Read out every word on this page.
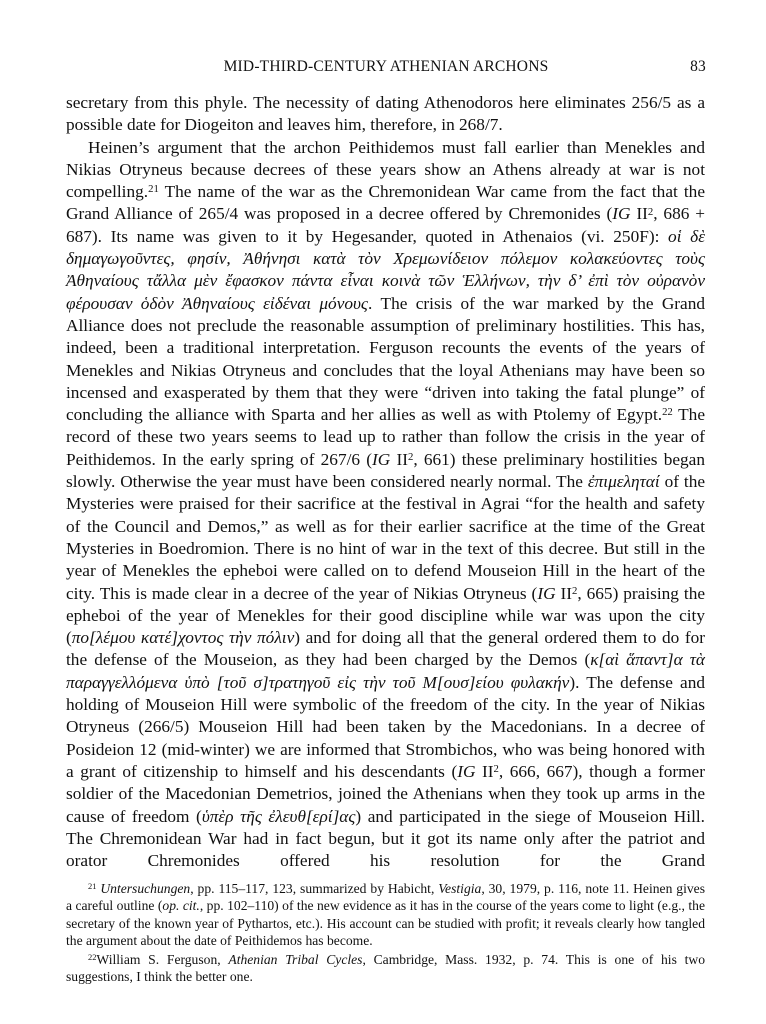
MID-THIRD-CENTURY ATHENIAN ARCHONS	83

secretary from this phyle. The necessity of dating Athenodoros here eliminates 256/5 as a possible date for Diogeiton and leaves him, therefore, in 268/7.

Heinen’s argument that the archon Peithidemos must fall earlier than Menekles and Nikias Otryneus because decrees of these years show an Athens already at war is not compelling.$^{21}$ The name of the war as the Chremonidean War came from the fact that the Grand Alliance of 265/4 was proposed in a decree offered by Chremonides (IG $II^2$, 686 + 687). Its name was given to it by Hegesander, quoted in Athenaios (vi. 250F): οἱ δὲ δημαγωγοῦντες, φησίν, Ἀθήνησι κατὰ τὸν Χρεμωνίδειον πόλεμον κολακεύοντες τοὺς Ἀθηναίους τἄλλα μὲν ἔφασκον πάντα εἶναι κοινὰ τῶν Ἑλλήνων, τὴν δ’ ἐπὶ τὸν οὐρανὸν φέρουσαν ὁδὸν Ἀθηναίους εἰδέναι μόνους. The crisis of the war marked by the Grand Alliance does not preclude the reasonable assumption of preliminary hostilities. This has, indeed, been a traditional interpretation. Ferguson recounts the events of the years of Menekles and Nikias Otryneus and concludes that the loyal Athenians may have been so incensed and exasperated by them that they were “driven into taking the fatal plunge” of concluding the alliance with Sparta and her allies as well as with Ptolemy of Egypt.$^{22}$ The record of these two years seems to lead up to rather than follow the crisis in the year of Peithidemos. In the early spring of 267/6 (IG $II^2$, 661) these preliminary hostilities began slowly. Otherwise the year must have been considered nearly normal. The ἐπιμεληταί of the Mysteries were praised for their sacrifice at the festival in Agrai “for the health and safety of the Council and Demos,” as well as for their earlier sacrifice at the time of the Great Mysteries in Boedromion. There is no hint of war in the text of this decree. But still in the year of Menekles the epheboi were called on to defend Mouseion Hill in the heart of the city. This is made clear in a decree of the year of Nikias Otryneus (IG $II^2$, 665) praising the epheboi of the year of Menekles for their good discipline while war was upon the city (πο[λέμου κατέ]χοντος τὴν πόλιν) and for doing all that the general ordered them to do for the defense of the Mouseion, as they had been charged by the Demos (κ[αὶ ἅπαντ]α τὰ παραγγελλόμενα ὑπὸ [τοῦ σ]τρατηγοῦ εἰς τὴν τοῦ Μ[ουσ]είου φυλακήν). The defense and holding of Mouseion Hill were symbolic of the freedom of the city. In the year of Nikias Otryneus (266/5) Mouseion Hill had been taken by the Macedonians. In a decree of Posideion 12 (mid-winter) we are informed that Strombichos, who was being honored with a grant of citizenship to himself and his descendants (IG $II^2$, 666, 667), though a former soldier of the Macedonian Demetrios, joined the Athenians when they took up arms in the cause of freedom (ὑπὲρ τῆς ἐλευθ[ερί]ας) and participated in the siege of Mouseion Hill. The Chremonidean War had in fact begun, but it got its name only after the patriot and orator Chremonides offered his resolution for the Grand

$^{21}$ Untersuchungen, pp. 115–117, 123, summarized by Habicht, Vestigia, 30, 1979, p. 116, note 11. Heinen gives a careful outline (op. cit., pp. 102–110) of the new evidence as it has in the course of the years come to light (e.g., the secretary of the known year of Pythartos, etc.). His account can be studied with profit; it reveals clearly how tangled the argument about the date of Peithidemos has become.

$^{22}$William S. Ferguson, Athenian Tribal Cycles, Cambridge, Mass. 1932, p. 74. This is one of his two suggestions, I think the better one.
